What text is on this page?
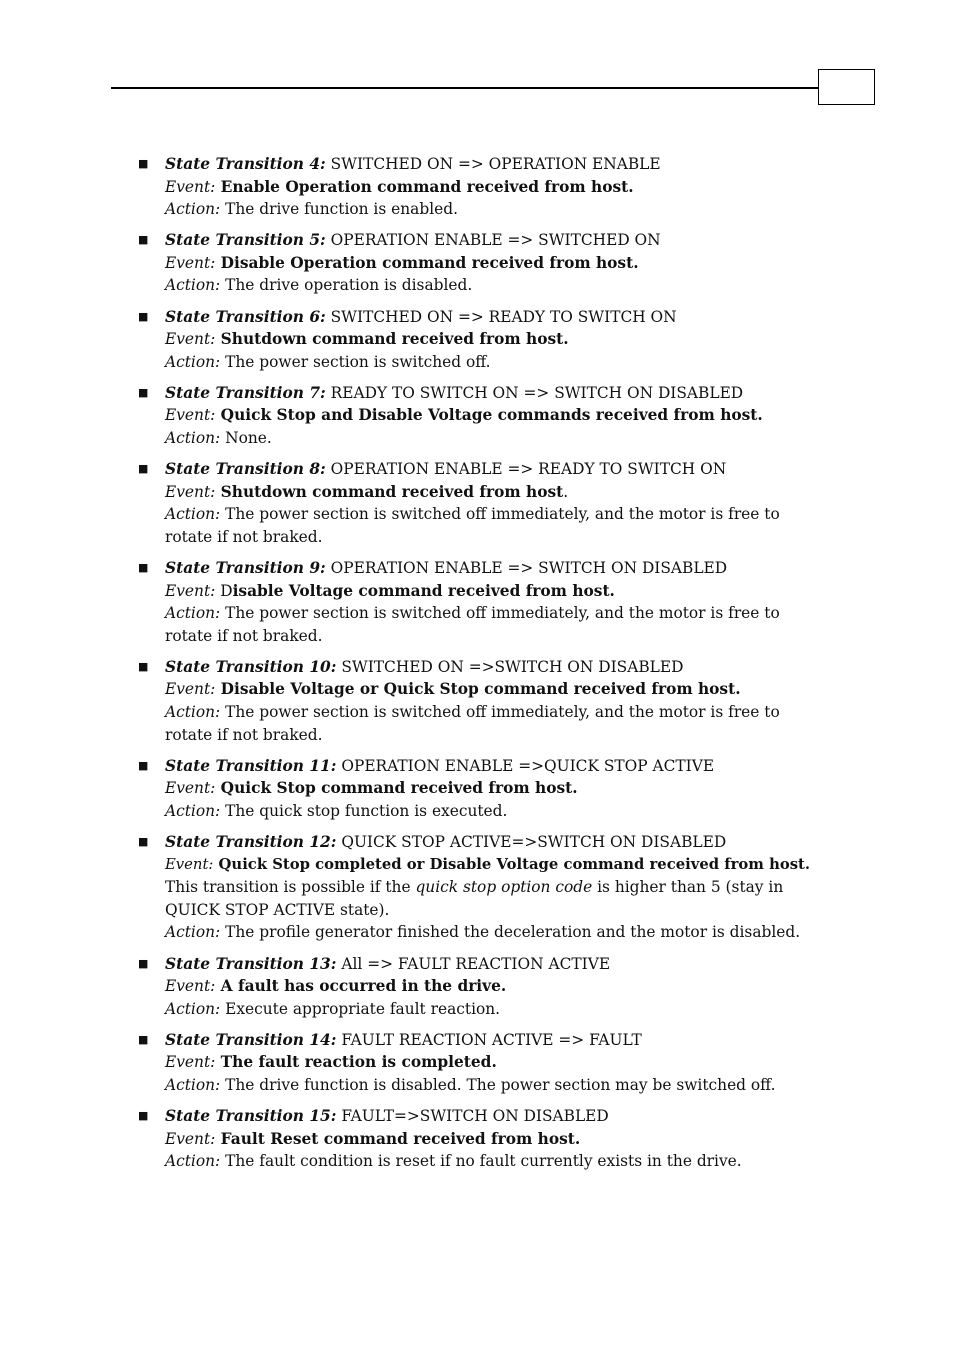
■ State Transition 4: SWITCHED ON => OPERATION ENABLE
Event: Enable Operation command received from host.
Action: The drive function is enabled.
■ State Transition 5: OPERATION ENABLE => SWITCHED ON
Event: Disable Operation command received from host.
Action: The drive operation is disabled.
■ State Transition 6: SWITCHED ON => READY TO SWITCH ON
Event: Shutdown command received from host.
Action: The power section is switched off.
■ State Transition 7: READY TO SWITCH ON => SWITCH ON DISABLED
Event: Quick Stop and Disable Voltage commands received from host.
Action: None.
■ State Transition 8: OPERATION ENABLE => READY TO SWITCH ON
Event: Shutdown command received from host.
Action: The power section is switched off immediately, and the motor is free to rotate if not braked.
■ State Transition 9: OPERATION ENABLE => SWITCH ON DISABLED
Event: Disable Voltage command received from host.
Action: The power section is switched off immediately, and the motor is free to rotate if not braked.
■ State Transition 10: SWITCHED ON =>SWITCH ON DISABLED
Event: Disable Voltage or Quick Stop command received from host.
Action: The power section is switched off immediately, and the motor is free to rotate if not braked.
■ State Transition 11: OPERATION ENABLE =>QUICK STOP ACTIVE
Event: Quick Stop command received from host.
Action: The quick stop function is executed.
■ State Transition 12: QUICK STOP ACTIVE=>SWITCH ON DISABLED
Event: Quick Stop completed or Disable Voltage command received from host.
This transition is possible if the quick stop option code is higher than 5 (stay in QUICK STOP ACTIVE state).
Action: The profile generator finished the deceleration and the motor is disabled.
■ State Transition 13: All => FAULT REACTION ACTIVE
Event: A fault has occurred in the drive.
Action: Execute appropriate fault reaction.
■ State Transition 14: FAULT REACTION ACTIVE => FAULT
Event: The fault reaction is completed.
Action: The drive function is disabled. The power section may be switched off.
■ State Transition 15: FAULT=>SWITCH ON DISABLED
Event: Fault Reset command received from host.
Action: The fault condition is reset if no fault currently exists in the drive.
